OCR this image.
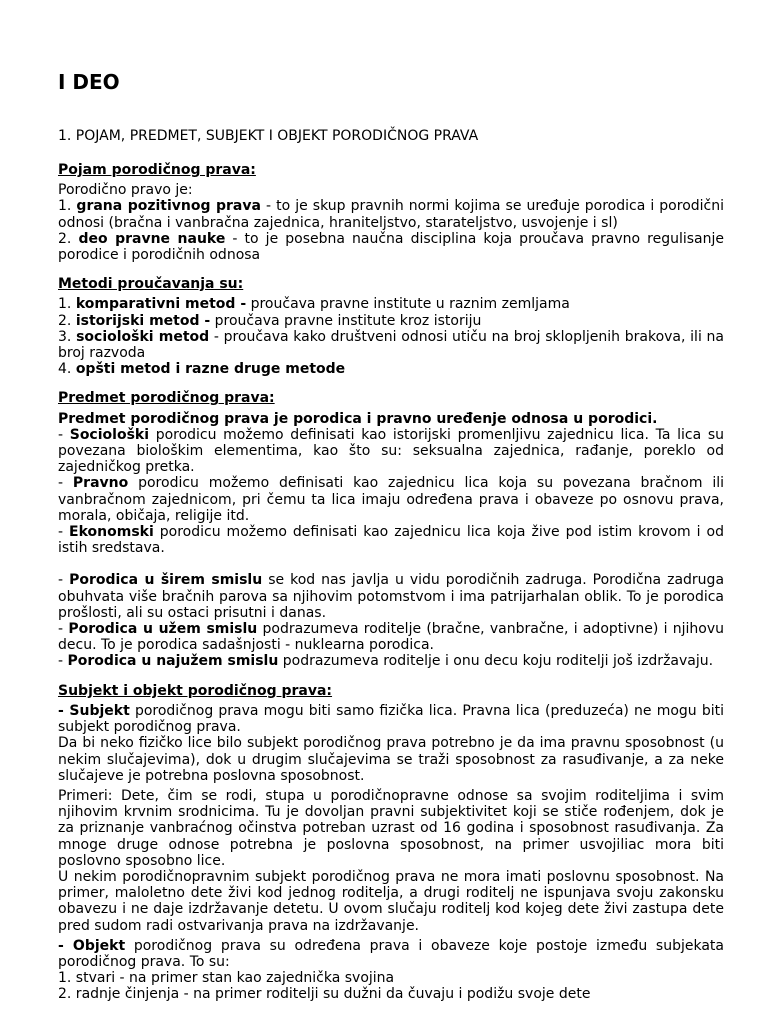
I DEO

1. POJAM, PREDMET, SUBJEKT I OBJEKT PORODIČNOG PRAVA

Pojam porodičnog prava:

Porodično pravo je:

1. grana pozitivnog prava - to je skup pravnih normi kojima se uređuje porodica i porodični odnosi (bračna i vanbračna zajednica, hraniteljstvo, starateljstvo, usvojenje i sl)

2. deo pravne nauke - to je posebna naučna disciplina koja proučava pravno regulisanje porodice i porodičnih odnosa

Metodi proučavanja su:

1. komparativni metod - proučava pravne institute u raznim zemljama

2. istorijski metod - proučava pravne institute kroz istoriju

3. sociološki metod - proučava kako društveni odnosi utiču na broj sklopljenih brakova, ili na broj razvoda

4. opšti metod i razne druge metode

Predmet porodičnog prava:

Predmet porodičnog prava je porodica i pravno uređenje odnosa u porodici.

- Sociološki porodicu možemo definisati kao istorijski promenljivu zajednicu lica. Ta lica su povezana biološkim elementima, kao što su: seksualna zajednica, rađanje, poreklo od zajedničkog pretka.

- Pravno porodicu možemo definisati kao zajednicu lica koja su povezana bračnom ili vanbračnom zajednicom, pri čemu ta lica imaju određena prava i obaveze po osnovu prava, morala, običaja, religije itd.

- Ekonomski porodicu možemo definisati kao zajednicu lica koja žive pod istim krovom i od istih sredstava.

- Porodica u širem smislu se kod nas javlja u vidu porodičnih zadruga. Porodična zadruga obuhvata više bračnih parova sa njihovim potomstvom i ima patrijarhalan oblik. To je porodica prošlosti, ali su ostaci prisutni i danas.

- Porodica u užem smislu podrazumeva roditelje (bračne, vanbračne, i adoptivne) i njihovu decu. To je porodica sadašnjosti - nuklearna porodica.

- Porodica u najužem smislu podrazumeva roditelje i onu decu koju roditelji još izdržavaju.

Subjekt i objekt porodičnog prava:

- Subjekt porodičnog prava mogu biti samo fizička lica. Pravna lica (preduzeća) ne mogu biti subjekt porodičnog prava.

Da bi neko fizičko lice bilo subjekt porodičnog prava potrebno je da ima pravnu sposobnost (u nekim slučajevima), dok u drugim slučajevima se traži sposobnost za rasuđivanje, a za neke slučajeve je potrebna poslovna sposobnost.

Primeri: Dete, čim se rodi, stupa u porodičnopravne odnose sa svojim roditeljima i svim njihovim krvnim srodnicima. Tu je dovoljan pravni subjektivitet koji se stiče rođenjem, dok je za priznanje vanbraćnog očinstva potreban uzrast od 16 godina i sposobnost rasuđivanja. Za mnoge druge odnose potrebna je poslovna sposobnost, na primer usvojiliac mora biti poslovno sposobno lice.

U nekim porodičnopravnim subjekt porodičnog prava ne mora imati poslovnu sposobnost. Na primer, maloletno dete živi kod jednog roditelja, a drugi roditelj ne ispunjava svoju zakonsku obavezu i ne daje izdržavanje detetu. U ovom slučaju roditelj kod kojeg dete živi zastupa dete pred sudom radi ostvarivanja prava na izdržavanje.

- Objekt porodičnog prava su određena prava i obaveze koje postoje između subjekata porodičnog prava. To su:

1. stvari - na primer stan kao zajednička svojina

2. radnje činjenja - na primer roditelji su dužni da čuvaju i podižu svoje dete
